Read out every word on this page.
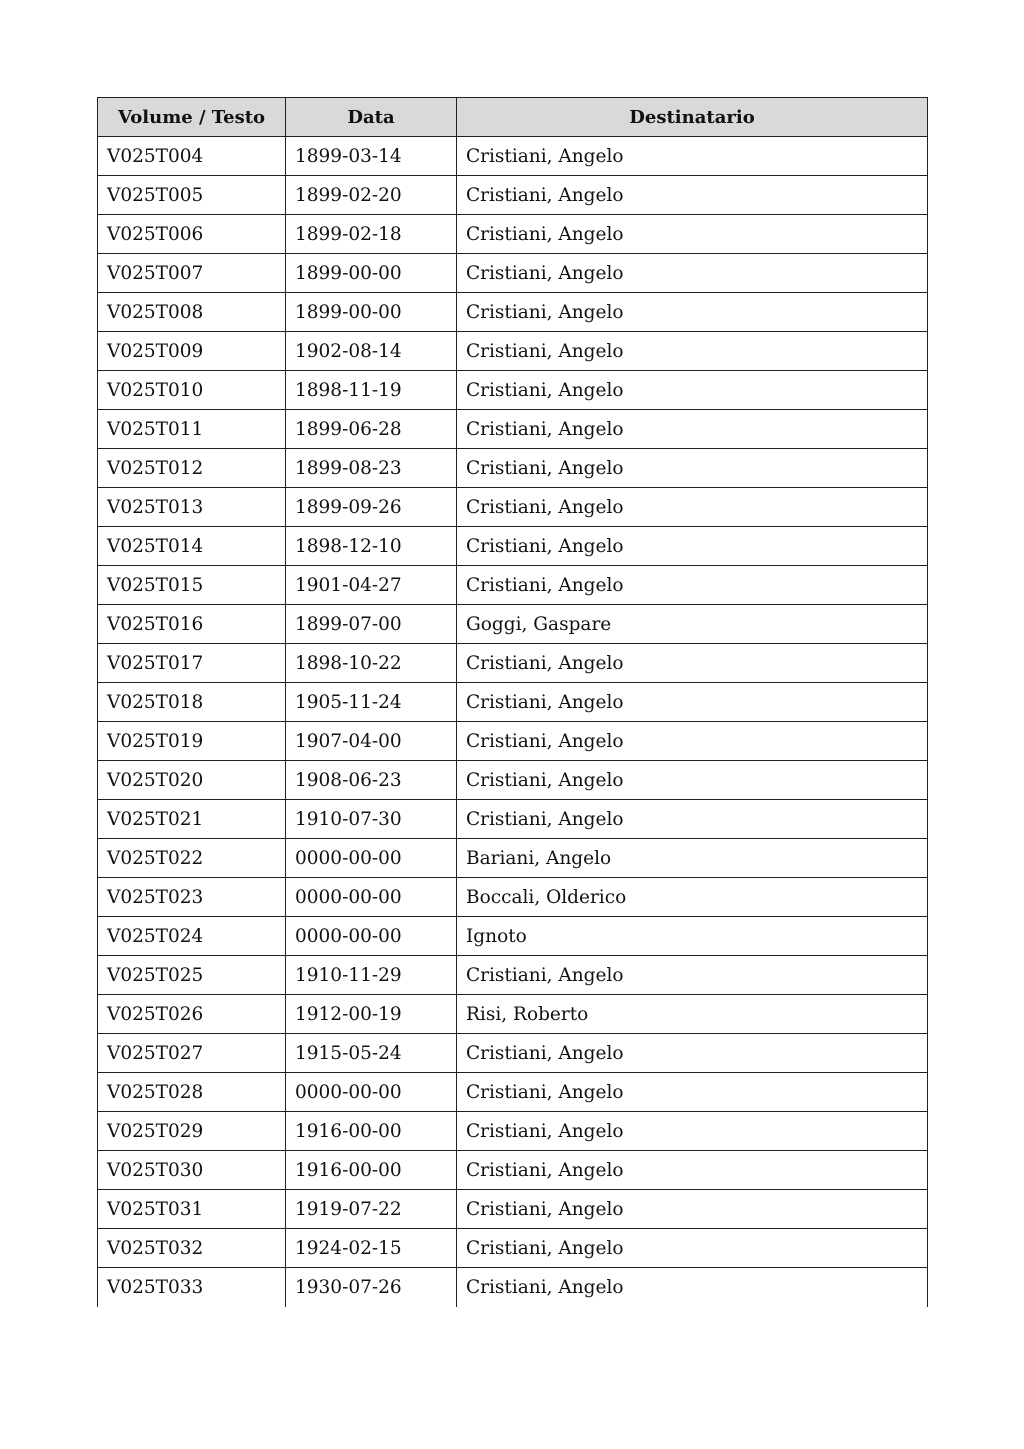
Volume / Testo	Data	Destinatario
V025T004	1899-03-14	Cristiani, Angelo
V025T005	1899-02-20	Cristiani, Angelo
V025T006	1899-02-18	Cristiani, Angelo
V025T007	1899-00-00	Cristiani, Angelo
V025T008	1899-00-00	Cristiani, Angelo
V025T009	1902-08-14	Cristiani, Angelo
V025T010	1898-11-19	Cristiani, Angelo
V025T011	1899-06-28	Cristiani, Angelo
V025T012	1899-08-23	Cristiani, Angelo
V025T013	1899-09-26	Cristiani, Angelo
V025T014	1898-12-10	Cristiani, Angelo
V025T015	1901-04-27	Cristiani, Angelo
V025T016	1899-07-00	Goggi, Gaspare
V025T017	1898-10-22	Cristiani, Angelo
V025T018	1905-11-24	Cristiani, Angelo
V025T019	1907-04-00	Cristiani, Angelo
V025T020	1908-06-23	Cristiani, Angelo
V025T021	1910-07-30	Cristiani, Angelo
V025T022	0000-00-00	Bariani, Angelo
V025T023	0000-00-00	Boccali, Olderico
V025T024	0000-00-00	Ignoto
V025T025	1910-11-29	Cristiani, Angelo
V025T026	1912-00-19	Risi, Roberto
V025T027	1915-05-24	Cristiani, Angelo
V025T028	0000-00-00	Cristiani, Angelo
V025T029	1916-00-00	Cristiani, Angelo
V025T030	1916-00-00	Cristiani, Angelo
V025T031	1919-07-22	Cristiani, Angelo
V025T032	1924-02-15	Cristiani, Angelo
V025T033	1930-07-26	Cristiani, Angelo
